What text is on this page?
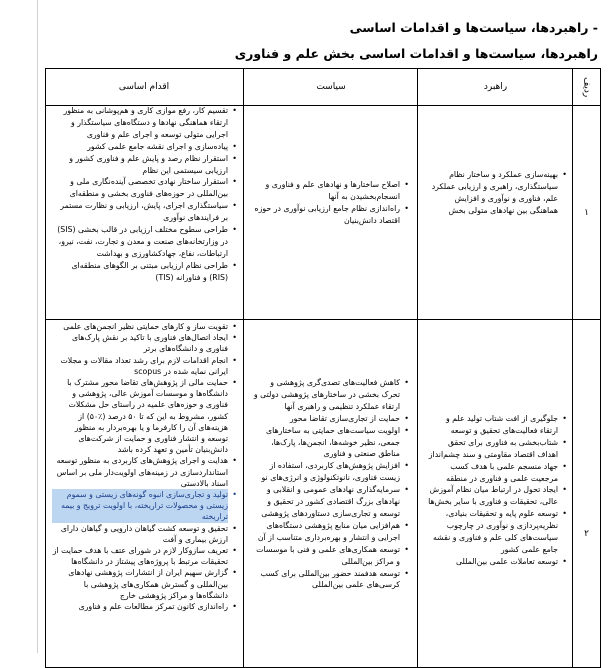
- راهبردها، سیاست‌ها و اقدامات اساسی
راهبردها، سیاست‌ها و اقدامات اساسی بخش علم و فناوری
ردیف
راهبرد
سیاست
اقدام اساسی
۱
• بهینه‌سازی عملکرد و ساختار نظام سیاستگذاری، راهبری و ارزیابی عملکرد علم، فناوری و نوآوری و افزایش هماهنگی بین نهادهای متولی بخش
• اصلاح ساختارها و نهادهای علم و فناوری و انسجام‌بخشیدن به آنها
• راه‌اندازی نظام جامع ارزیابی نوآوری در حوزه اقتصاد دانش‌بنیان
• تقسیم کار، رفع موازی کاری و هم‌پوشانی به منظور ارتقاء هماهنگی نهادها و دستگاه‌های سیاستگذار و اجرایی متولی توسعه و اجرای علم و فناوری
• پیاده‌سازی و اجرای نقشه جامع علمی کشور
• استقرار نظام رصد و پایش علم و فناوری کشور و ارزیابی سیستمی این نظام
• استقرار ساختار نهادی تخصصی آینده‌نگاری ملی و بین‌المللی در حوزه‌های فناوری بخشی و منطقه‌ای
• سیاستگذاری اجرای، پایش، ارزیابی و نظارت مستمر بر فرایندهای نوآوری
• طراحی سطوح مختلف ارزیابی در قالب بخشی (SIS) در وزارتخانه‌های صنعت و معدن و تجارت، نفت، نیرو، ارتباطات، نفاع، جهادکشاورزی و بهداشت
• طراحی نظام ارزیابی مبتنی بر الگوهای منطقه‌ای (RIS) و فناورانه (TIS)
۲
• جلوگیری از افت شتاب تولید علم و ارتقاء فعالیت‌های تحقیق و توسعه
• شتاب‌بخشی به فناوری برای تحقق اهداف اقتصاد مقاومتی و سند چشم‌انداز
• جهاد منسجم علمی با هدف کسب مرجعیت علمی و فناوری در منطقه
• ایجاد تحول در ارتباط میان نظام آموزش عالی، تحقیقات و فناوری با سایر بخش‌ها
• توسعه علوم پایه و تحقیقات بنیادی، نظریه‌پردازی و نوآوری در چارچوب سیاست‌های کلی علم و فناوری و نقشه جامع علمی کشور
• توسعه تعاملات علمی بین‌المللی
• کاهش فعالیت‌های تصدی‌گری پژوهشی و تحرک بخشی در ساختارهای پژوهشی دولتی و ارتقاء عملکرد تنظیمی و راهبری آنها
• حمایت از تجاری‌سازی تقاضا محور
• اولویت سیاست‌های حمایتی به ساختارهای جمعی، نظیر خوشه‌ها، انجمن‌ها، پارک‌ها، مناطق صنعتی و فناوری
• افزایش پژوهش‌های کاربردی، استفاده از زیست فناوری، نانوتکنولوژی و انرژی‌های نو
• سرمایه‌گذاری نهادهای عمومی و انقلابی و نهادهای بزرگ اقتصادی کشور در تحقیق و توسعه و تجاری‌سازی دستاوردهای پژوهشی
• هم‌افزایی میان منابع پژوهشی دستگاه‌های اجرایی و انتشار و بهره‌برداری متناسب از آن
• توسعه همکاری‌های علمی و فنی با موسسات و مراکز بین‌المللی
• توسعه هدفمند حضور بین‌المللی برای کسب کرسی‌های علمی بین‌المللی
• تقویت ساز و کارهای حمایتی نظیر انجمن‌های علمی
• ایجاد اتصال‌های فناوری با تاکید بر نقش پارک‌های فناوری و دانشگاه‌های برتر
• انجام اقدامات لازم برای رشد تعداد مقالات و مجلات ایرانی نمایه شده در scopus
• حمایت مالی از پژوهش‌های تقاضا محور مشترک با دانشگاه‌ها و موسسات آموزش عالی، پژوهشی و فناوری و حوزه‌های علمیه در راستای حل مشکلات کشور، مشروط به این که تا ۵۰ درصد (٪۵۰) از هزینه‌های آن را کارفرما و یا بهره‌بردار به منظور توسعه و انتشار فناوری و حمایت از شرکت‌های دانش‌بنیان تأمین و تعهد کرده باشد
• هدایت و اجرای پژوهش‌های کاربردی به منظور توسعه استانداردسازی در زمینه‌های اولویت‌دار ملی بر اساس اسناد بالادستی
• تولید و تجاری‌سازی انبوه گونه‌های زیستی و سموم زیستی و محصولات تراریخته، با اولویت ترویج و بیمه تراریخته
• تحقیق و توسعه کشت گیاهان دارویی و گیاهان دارای ارزش بیماری و آفت
• تعریف سازوکار لازم در شورای عتف با هدف حمایت از تحقیقات مرتبط با پروژه‌های پیشتاز در دانشگاه‌ها
• گزارش سهیم ایران از انتشارات پژوهشی نهادهای بین‌المللی و گسترش همکاری‌های پژوهشی با دانشگاه‌ها و مراکز پژوهشی خارج
• راه‌اندازی کانون تمرکز مطالعات علم و فناوری
